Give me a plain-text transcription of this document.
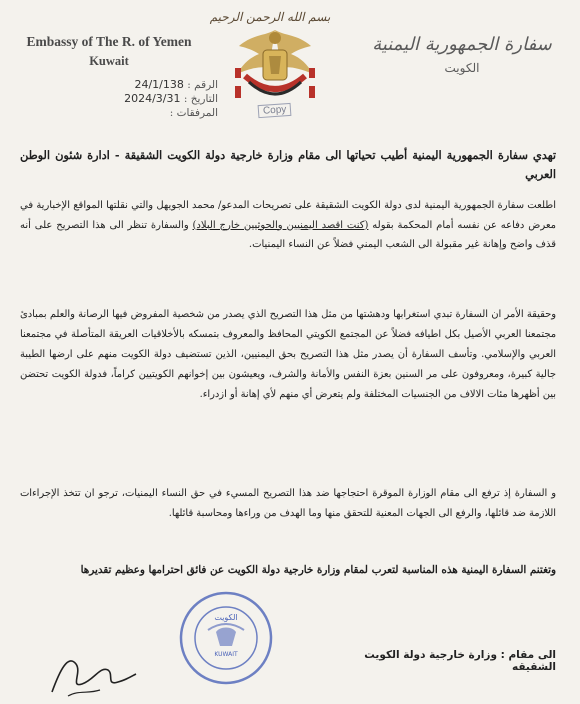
Embassy of The R. of Yemen
Kuwait
بسم الله الرحمن الرحيم
Copy
سفارة الجمهورية اليمنية
الكويت
الرقم : 24/1/138
التاريخ : 2024/3/31
المرفقات :
تهدي سفارة الجمهورية اليمنية أطيب تحياتها الى مقام وزارة خارجية دولة الكويت الشقيقة - ادارة شئون الوطن العربي
اطلعت سفارة الجمهورية اليمنية لدى دولة الكويت الشقيقة على تصريحات المدعو/ محمد الجويهل والتي نقلتها المواقع الإخبارية في معرض دفاعه عن نفسه أمام المحكمة بقوله (كنت اقصد اليمنيين والحوثيين خارج البلاد) والسفارة تنظر الى هذا التصريح على أنه قذف واضح وإهانة غير مقبولة الى الشعب اليمني فضلاً عن النساء اليمنيات.
وحقيقة الأمر ان السفارة تبدي استغرابها ودهشتها من مثل هذا التصريح الذي يصدر من شخصية المفروض فيها الرصانة والعلم بمبادئ مجتمعنا العربي الأصيل بكل اطيافه فضلاً عن المجتمع الكويتي المحافظ والمعروف بتمسكه بالأخلاقيات العريقة المتأصلة في مجتمعنا العربي والإسلامي. وتأسف السفارة أن يصدر مثل هذا التصريح بحق اليمنيين، الذين تستضيف دولة الكويت منهم على ارضها الطيبة جالية كبيرة، ومعروفون على مر السنين بعزة النفس والأمانة والشرف، ويعيشون بين إخوانهم الكويتيين كراماً، فدولة الكويت تحتضن بين أظهرها مئات الالاف من الجنسيات المختلفة ولم يتعرض أي منهم لأي إهانة أو ازدراء.
و السفارة إذ ترفع الى مقام الوزارة الموقرة احتجاجها ضد هذا التصريح المسيء في حق النساء اليمنيات، ترجو ان تتخذ الإجراءات اللازمة ضد قائلها، والرفع الى الجهات المعنية للتحقق منها وما الهدف من وراءها ومحاسبة قائلها.
وتغتنم السفارة اليمنية هذه المناسبة لتعرب لمقام وزارة خارجية دولة الكويت عن فائق احترامها وعظيم تقديرها
الكويت
KUWAIT	الى مقام : وزارة خارجية دولة الكويت الشقيقه
